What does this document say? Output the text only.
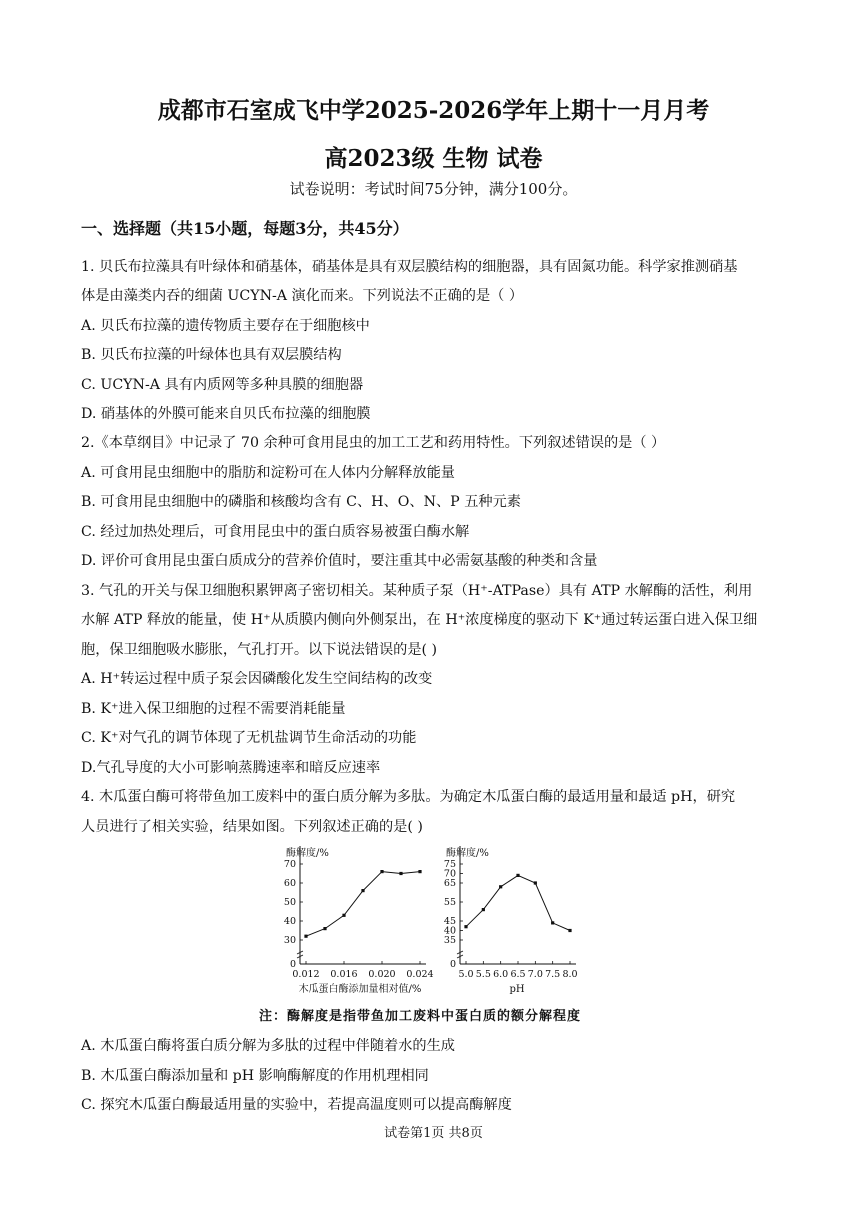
成都市石室成飞中学2025-2026学年上期十一月月考
高2023级 生物 试卷
试卷说明：考试时间75分钟，满分100分。
一、选择题（共15小题，每题3分，共45分）
1. 贝氏布拉藻具有叶绿体和硝基体，硝基体是具有双层膜结构的细胞器，具有固氮功能。科学家推测硝基
体是由藻类内吞的细菌 UCYN-A 演化而来。下列说法不正确的是（ ）
A. 贝氏布拉藻的遗传物质主要存在于细胞核中
B. 贝氏布拉藻的叶绿体也具有双层膜结构
C. UCYN-A 具有内质网等多种具膜的细胞器
D. 硝基体的外膜可能来自贝氏布拉藻的细胞膜
2.《本草纲目》中记录了 70 余种可食用昆虫的加工工艺和药用特性。下列叙述错误的是（ ）
A. 可食用昆虫细胞中的脂肪和淀粉可在人体内分解释放能量
B. 可食用昆虫细胞中的磷脂和核酸均含有 C、H、O、N、P 五种元素
C. 经过加热处理后，可食用昆虫中的蛋白质容易被蛋白酶水解
D. 评价可食用昆虫蛋白质成分的营养价值时，要注重其中必需氨基酸的种类和含量
3. 气孔的开关与保卫细胞积累钾离子密切相关。某种质子泵（H⁺-ATPase）具有 ATP 水解酶的活性，利用
水解 ATP 释放的能量，使 H⁺从质膜内侧向外侧泵出，在 H⁺浓度梯度的驱动下 K⁺通过转运蛋白进入保卫细
胞，保卫细胞吸水膨胀，气孔打开。以下说法错误的是( )
A. H⁺转运过程中质子泵会因磷酸化发生空间结构的改变
B. K⁺进入保卫细胞的过程不需要消耗能量
C. K⁺对气孔的调节体现了无机盐调节生命活动的功能
D.气孔导度的大小可影响蒸腾速率和暗反应速率
4. 木瓜蛋白酶可将带鱼加工废料中的蛋白质分解为多肽。为确定木瓜蛋白酶的最适用量和最适 pH，研究
人员进行了相关实验，结果如图。下列叙述正确的是( )
酶解度/%
0
30
40
50
60
70
0.012 0.016 0.020 0.024
木瓜蛋白酶添加量相对值/%
酶解度/%
0
35
40
45
55
65
70
75
5.0 5.5 6.0 6.5 7.0 7.5 8.0
pH
注：酶解度是指带鱼加工废料中蛋白质的额分解程度
A. 木瓜蛋白酶将蛋白质分解为多肽的过程中伴随着水的生成
B. 木瓜蛋白酶添加量和 pH 影响酶解度的作用机理相同
C. 探究木瓜蛋白酶最适用量的实验中，若提高温度则可以提高酶解度
试卷第1页 共8页
